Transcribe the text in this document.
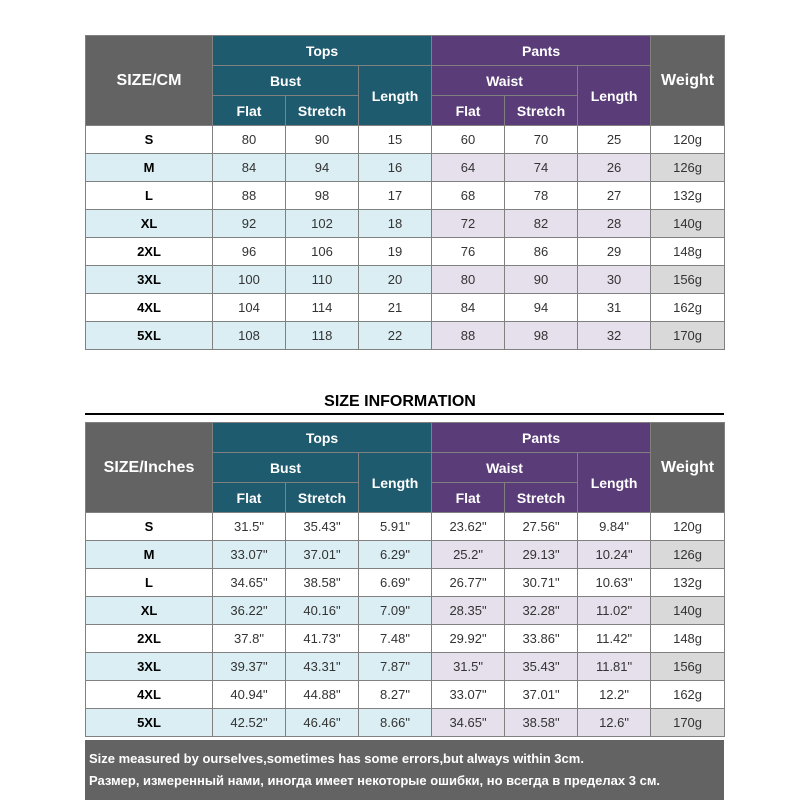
SIZE/CM	Tops			Pants			Weight
	Bust		Length	Waist		Length	
	Flat	Stretch		Flat	Stretch		
S	80	90	15	60	70	25	120g
M	84	94	16	64	74	26	126g
L	88	98	17	68	78	27	132g
XL	92	102	18	72	82	28	140g
2XL	96	106	19	76	86	29	148g
3XL	100	110	20	80	90	30	156g
4XL	104	114	21	84	94	31	162g
5XL	108	118	22	88	98	32	170g
SIZE INFORMATION
SIZE/Inches	Tops			Pants			Weight
	Bust		Length	Waist		Length	
	Flat	Stretch		Flat	Stretch		
S	31.5"	35.43"	5.91"	23.62"	27.56"	9.84"	120g
M	33.07"	37.01"	6.29"	25.2"	29.13"	10.24"	126g
L	34.65"	38.58"	6.69"	26.77"	30.71"	10.63"	132g
XL	36.22"	40.16"	7.09"	28.35"	32.28"	11.02"	140g
2XL	37.8"	41.73"	7.48"	29.92"	33.86"	11.42"	148g
3XL	39.37"	43.31"	7.87"	31.5"	35.43"	11.81"	156g
4XL	40.94"	44.88"	8.27"	33.07"	37.01"	12.2"	162g
5XL	42.52"	46.46"	8.66"	34.65"	38.58"	12.6"	170g
Size measured by ourselves,sometimes has some errors,but always within 3cm.
Размер, измеренный нами, иногда имеет некоторые ошибки, но всегда в пределах 3 см.
